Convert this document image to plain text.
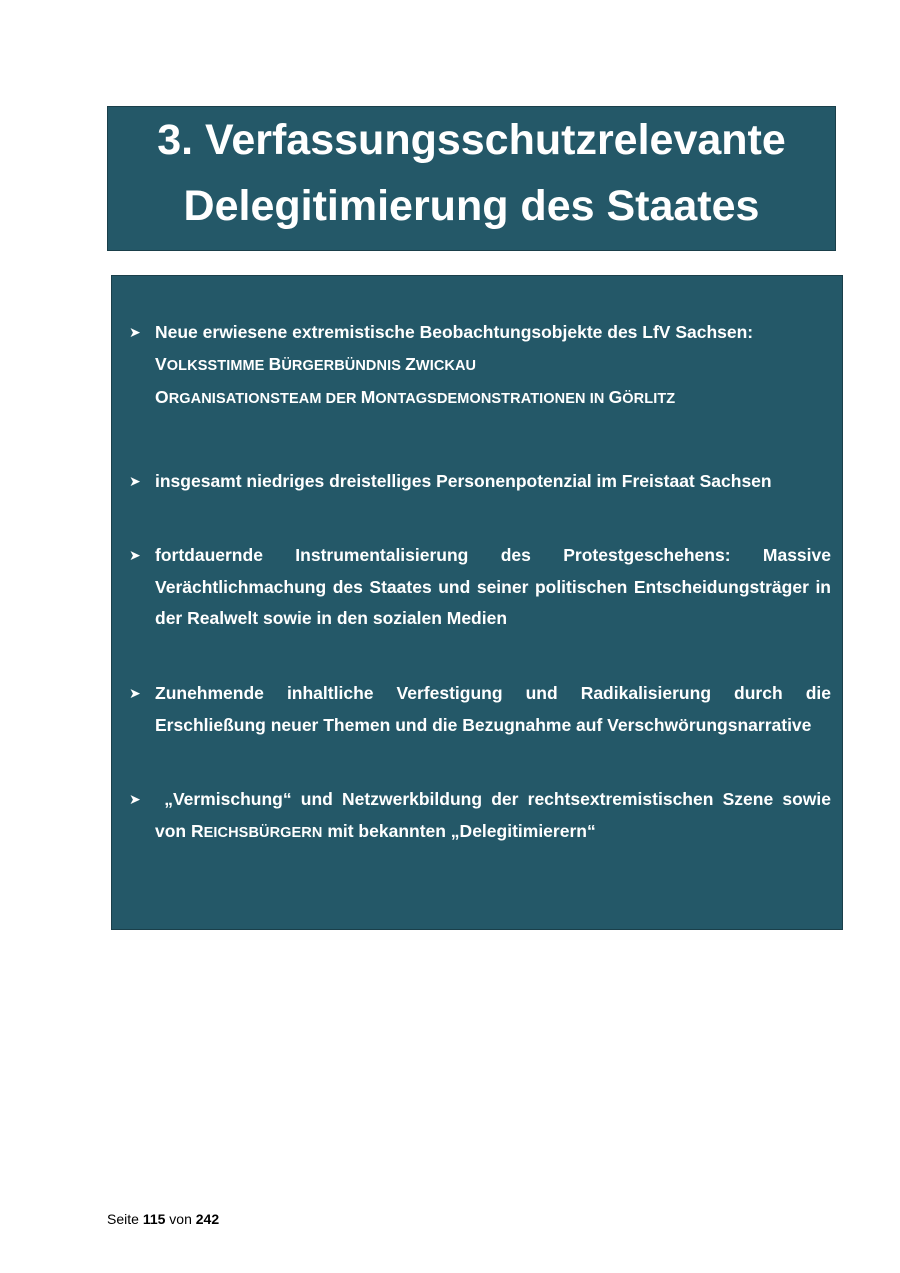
3. Verfassungsschutzrelevante
Delegitimierung des Staates
➤ Neue erwiesene extremistische Beobachtungsobjekte des LfV Sachsen:
VOLKSSTIMME BÜRGERBÜNDNIS ZWICKAU
ORGANISATIONSTEAM DER MONTAGSDEMONSTRATIONEN IN GÖRLITZ
➤ insgesamt niedriges dreistelliges Personenpotenzial im Freistaat Sachsen
➤ fortdauernde Instrumentalisierung des Protestgeschehens: Massive Verächtlichmachung des Staates und seiner politischen Entscheidungsträger in der Realwelt sowie in den sozialen Medien
➤ Zunehmende inhaltliche Verfestigung und Radikalisierung durch die Erschließung neuer Themen und die Bezugnahme auf Verschwörungsnarrative
➤	„Vermischung“ und Netzwerkbildung der rechtsextremistischen Szene sowie von REICHSBÜRGERN mit bekannten „Delegitimierern“
Seite 115 von 242
